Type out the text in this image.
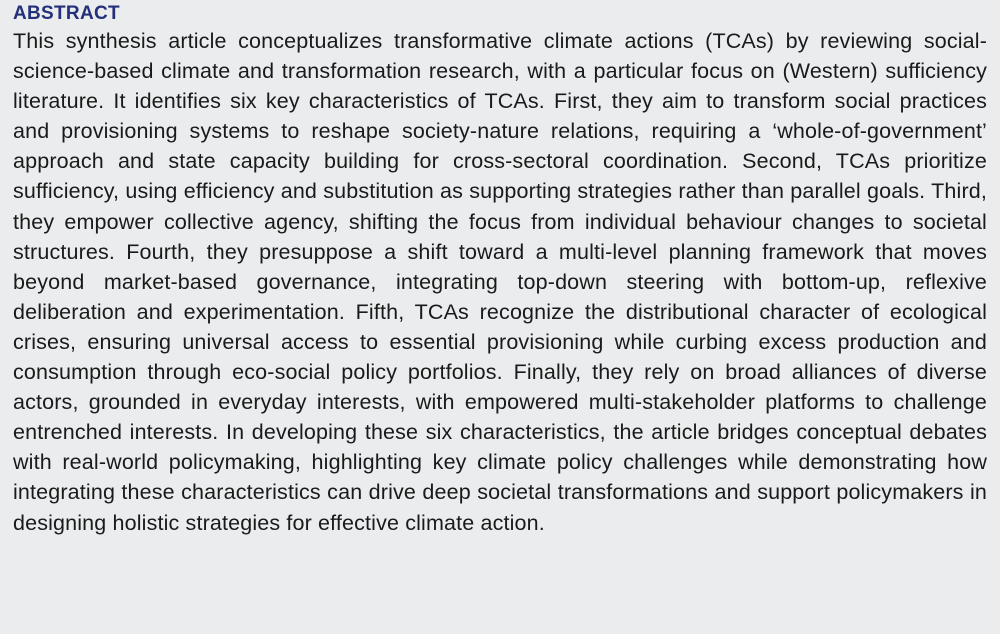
ABSTRACT

This synthesis article conceptualizes transformative climate actions (TCAs) by reviewing social-science-based climate and transformation research, with a particular focus on (Western) sufficiency literature. It identifies six key characteristics of TCAs. First, they aim to transform social practices and provisioning systems to reshape society-nature relations, requiring a ‘whole-of-government’ approach and state capacity building for cross-sectoral coordination. Second, TCAs prioritize sufficiency, using efficiency and substitution as supporting strategies rather than parallel goals. Third, they empower collective agency, shifting the focus from individual behaviour changes to societal structures. Fourth, they presuppose a shift toward a multi-level planning framework that moves beyond market-based governance, integrating top-down steering with bottom-up, reflexive deliberation and experimentation. Fifth, TCAs recognize the distributional character of ecological crises, ensuring universal access to essential provisioning while curbing excess production and consumption through eco-social policy portfolios. Finally, they rely on broad alliances of diverse actors, grounded in everyday interests, with empowered multi-stakeholder platforms to challenge entrenched interests. In developing these six characteristics, the article bridges conceptual debates with real-world policymaking, highlighting key climate policy challenges while demonstrating how integrating these characteristics can drive deep societal transformations and support policymakers in designing holistic strategies for effective climate action.
